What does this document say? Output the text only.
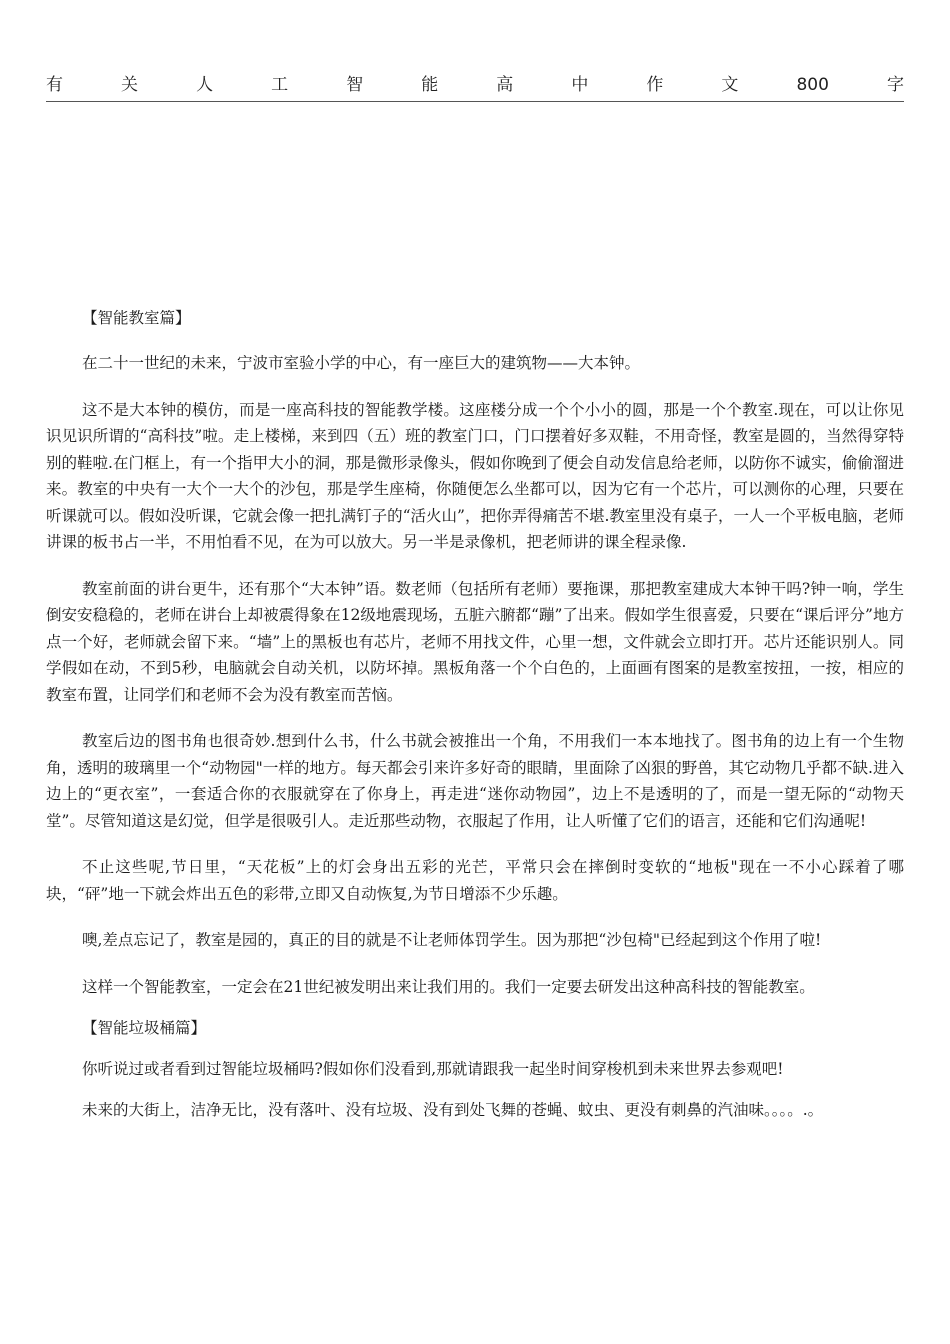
有	关	人	工	智	能	高	中	作	文	800	字

【智能教室篇】

在二十一世纪的未来，宁波市室验小学的中心，有一座巨大的建筑物——大本钟。

这不是大本钟的模仿，而是一座高科技的智能教学楼。这座楼分成一个个小小的圆，那是一个个教室.现在，可以让你见识见识所谓的“高科技”啦。走上楼梯，来到四（五）班的教室门口，门口摆着好多双鞋，不用奇怪，教室是圆的，当然得穿特别的鞋啦.在门框上，有一个指甲大小的洞，那是微形录像头，假如你晚到了便会自动发信息给老师，以防你不诚实，偷偷溜进来。教室的中央有一大个一大个的沙包，那是学生座椅，你随便怎么坐都可以，因为它有一个芯片，可以测你的心理，只要在听课就可以。假如没听课，它就会像一把扎满钉子的“活火山”，把你弄得痛苦不堪.教室里没有桌子，一人一个平板电脑，老师讲课的板书占一半，不用怕看不见，在为可以放大。另一半是录像机，把老师讲的课全程录像.

教室前面的讲台更牛，还有那个“大本钟”语。数老师（包括所有老师）要拖课，那把教室建成大本钟干吗?钟一响，学生倒安安稳稳的，老师在讲台上却被震得象在12级地震现场，五脏六腑都“蹦”了出来。假如学生很喜爱，只要在“课后评分”地方点一个好，老师就会留下来。“墙”上的黑板也有芯片，老师不用找文件，心里一想，文件就会立即打开。芯片还能识别人。同学假如在动，不到5秒，电脑就会自动关机，以防坏掉。黑板角落一个个白色的，上面画有图案的是教室按扭，一按，相应的教室布置，让同学们和老师不会为没有教室而苦恼。

教室后边的图书角也很奇妙.想到什么书，什么书就会被推出一个角，不用我们一本本地找了。图书角的边上有一个生物角，透明的玻璃里一个“动物园"一样的地方。每天都会引来许多好奇的眼睛，里面除了凶狠的野兽，其它动物几乎都不缺.进入边上的“更衣室”，一套适合你的衣服就穿在了你身上，再走进“迷你动物园”，边上不是透明的了，而是一望无际的“动物天堂”。尽管知道这是幻觉，但学是很吸引人。走近那些动物，衣服起了作用，让人听懂了它们的语言，还能和它们沟通呢!

不止这些呢,节日里，“天花板”上的灯会身出五彩的光芒，平常只会在摔倒时变软的“地板"现在一不小心踩着了哪块，“砰”地一下就会炸出五色的彩带,立即又自动恢复,为节日增添不少乐趣。

噢,差点忘记了，教室是园的，真正的目的就是不让老师体罚学生。因为那把“沙包椅"已经起到这个作用了啦!

这样一个智能教室，一定会在21世纪被发明出来让我们用的。我们一定要去研发出这种高科技的智能教室。

【智能垃圾桶篇】

你听说过或者看到过智能垃圾桶吗?假如你们没看到,那就请跟我一起坐时间穿梭机到未来世界去参观吧!

未来的大街上，洁净无比，没有落叶、没有垃圾、没有到处飞舞的苍蝇、蚊虫、更没有刺鼻的汽油味。。。。.。
